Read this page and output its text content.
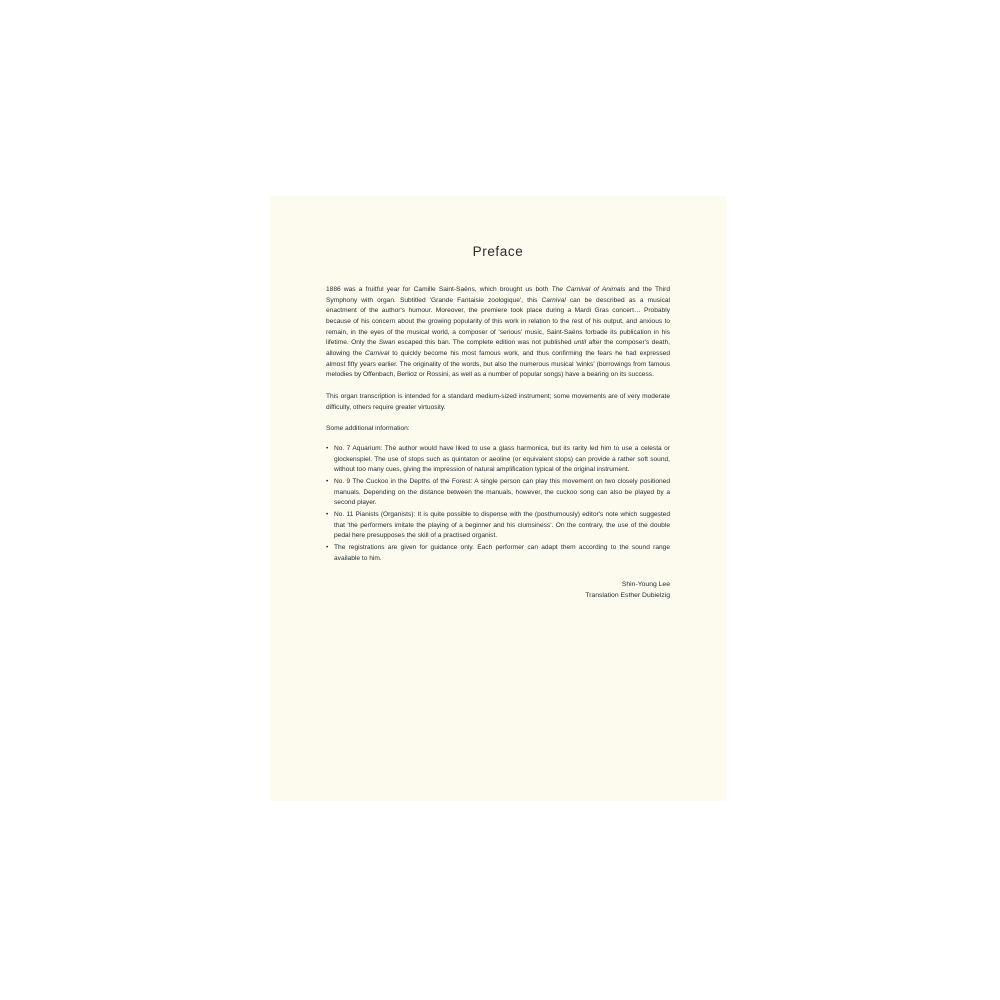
Preface

1886 was a fruitful year for Camille Saint-Saëns, which brought us both The Carnival of Animals and the Third Symphony with organ. Subtitled 'Grande Fantaisie zoologique', this Carnival can be described as a musical enactment of the author's humour. Moreover, the premiere took place during a Mardi Gras concert… Probably because of his concern about the growing popularity of this work in relation to the rest of his output, and anxious to remain, in the eyes of the musical world, a composer of 'serious' music, Saint-Saëns forbade its publication in his lifetime. Only the Swan escaped this ban. The complete edition was not published until after the composer's death, allowing the Carnival to quickly become his most famous work, and thus confirming the fears he had expressed almost fifty years earlier. The originality of the words, but also the numerous musical 'winks' (borrowings from famous melodies by Offenbach, Berlioz or Rossini, as well as a number of popular songs) have a bearing on its success.

This organ transcription is intended for a standard medium-sized instrument; some movements are of very moderate difficulty, others require greater virtuosity.

Some additional information:

• No. 7 Aquarium: The author would have liked to use a glass harmonica, but its rarity led him to use a celesta or glockenspiel. The use of stops such as quintaton or aeoline (or equivalent stops) can provide a rather soft sound, without too many cues, giving the impression of natural amplification typical of the original instrument.
• No. 9 The Cuckoo in the Depths of the Forest: A single person can play this movement on two closely positioned manuals. Depending on the distance between the manuals, however, the cuckoo song can also be played by a second player.
• No. 11 Pianists (Organists): It is quite possible to dispense with the (posthumously) editor's note which suggested that 'the performers imitate the playing of a beginner and his clumsiness'. On the contrary, the use of the double pedal here presupposes the skill of a practised organist.
• The registrations are given for guidance only. Each performer can adapt them according to the sound range available to him.
Shin-Young Lee
Translation Esther Dubielzig
